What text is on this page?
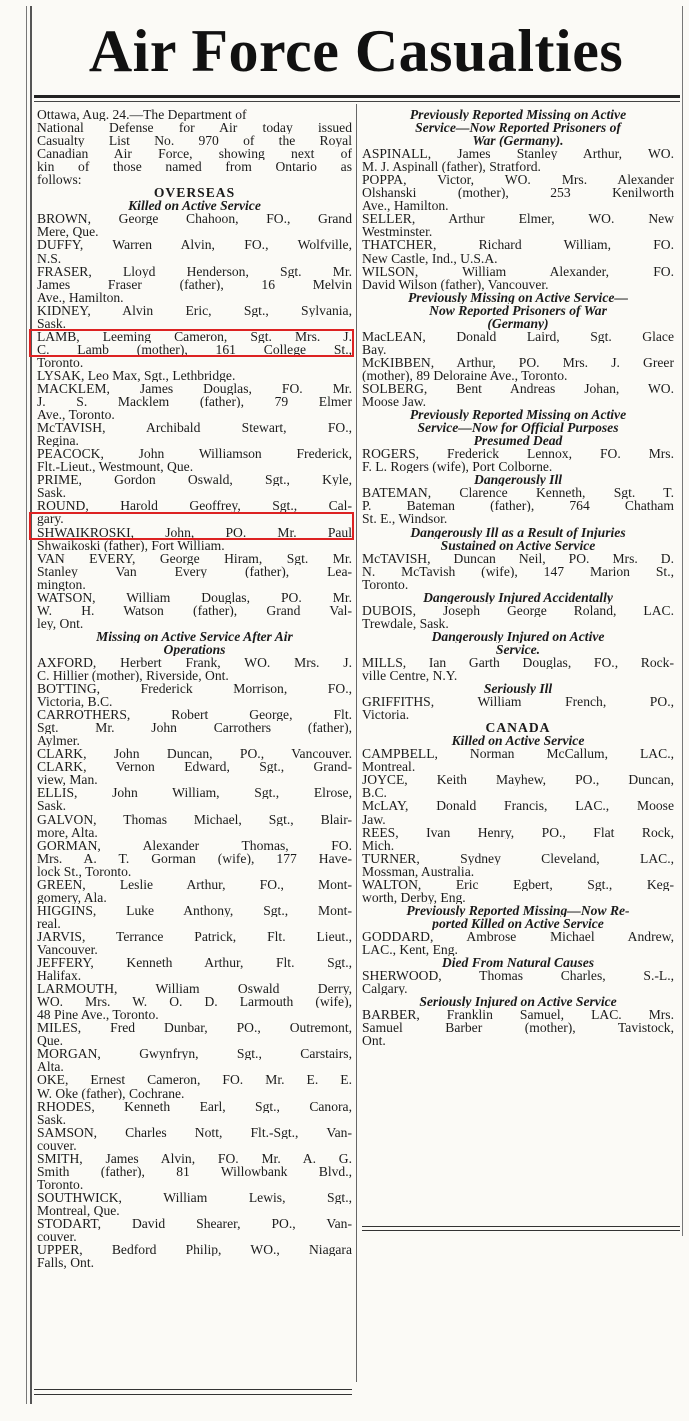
Air Force Casualties
Ottawa, Aug. 24.—The Department of
National Defense for Air today issued
Casualty List No. 970 of the Royal
Canadian Air Force, showing next of
kin of those named from Ontario as
follows:
OVERSEAS
Killed on Active Service
BROWN, George Chahoon, FO., Grand
Mere, Que.
DUFFY, Warren Alvin, FO., Wolfville,
N.S.
FRASER, Lloyd Henderson, Sgt. Mr.
James Fraser (father), 16 Melvin
Ave., Hamilton.
KIDNEY, Alvin Eric, Sgt., Sylvania,
Sask.
LAMB, Leeming Cameron, Sgt. Mrs. J.
C. Lamb (mother), 161 College St.,
Toronto.
LYSAK, Leo Max, Sgt., Lethbridge.
MACKLEM, James Douglas, FO. Mr.
J. S. Macklem (father), 79 Elmer
Ave., Toronto.
McTAVISH, Archibald Stewart, FO.,
Regina.
PEACOCK, John Williamson Frederick,
Flt.-Lieut., Westmount, Que.
PRIME, Gordon Oswald, Sgt., Kyle,
Sask.
ROUND, Harold Geoffrey, Sgt., Cal-
gary.
SHWAIKROSKI, John, PO. Mr. Paul
Shwaikoski (father), Fort William.
VAN EVERY, George Hiram, Sgt. Mr.
Stanley Van Every (father), Lea-
mington.
WATSON, William Douglas, PO. Mr.
W. H. Watson (father), Grand Val-
ley, Ont.
Missing on Active Service After Air
Operations
AXFORD, Herbert Frank, WO. Mrs. J.
C. Hillier (mother), Riverside, Ont.
BOTTING, Frederick Morrison, FO.,
Victoria, B.C.
CARROTHERS, Robert George, Flt.
Sgt. Mr. John Carrothers (father),
Aylmer.
CLARK, John Duncan, PO., Vancouver.
CLARK, Vernon Edward, Sgt., Grand-
view, Man.
ELLIS, John William, Sgt., Elrose,
Sask.
GALVON, Thomas Michael, Sgt., Blair-
more, Alta.
GORMAN, Alexander Thomas, FO.
Mrs. A. T. Gorman (wife), 177 Have-
lock St., Toronto.
GREEN, Leslie Arthur, FO., Mont-
gomery, Ala.
HIGGINS, Luke Anthony, Sgt., Mont-
real.
JARVIS, Terrance Patrick, Flt. Lieut.,
Vancouver.
JEFFERY, Kenneth Arthur, Flt. Sgt.,
Halifax.
LARMOUTH, William Oswald Derry,
WO. Mrs. W. O. D. Larmouth (wife),
48 Pine Ave., Toronto.
MILES, Fred Dunbar, PO., Outremont,
Que.
MORGAN, Gwynfryn, Sgt., Carstairs,
Alta.
OKE, Ernest Cameron, FO. Mr. E. E.
W. Oke (father), Cochrane.
RHODES, Kenneth Earl, Sgt., Canora,
Sask.
SAMSON, Charles Nott, Flt.-Sgt., Van-
couver.
SMITH, James Alvin, FO. Mr. A. G.
Smith (father), 81 Willowbank Blvd.,
Toronto.
SOUTHWICK, William Lewis, Sgt.,
Montreal, Que.
STODART, David Shearer, PO., Van-
couver.
UPPER, Bedford Philip, WO., Niagara
Falls, Ont.
Previously Reported Missing on Active
Service—Now Reported Prisoners of
War (Germany).
ASPINALL, James Stanley Arthur, WO.
M. J. Aspinall (father), Stratford.
POPPA, Victor, WO. Mrs. Alexander
Olshanski (mother), 253 Kenilworth
Ave., Hamilton.
SELLER, Arthur Elmer, WO. New
Westminster.
THATCHER, Richard William, FO.
New Castle, Ind., U.S.A.
WILSON, William Alexander, FO.
David Wilson (father), Vancouver.
Previously Missing on Active Service—
Now Reported Prisoners of War
(Germany)
MacLEAN, Donald Laird, Sgt. Glace
Bay.
McKIBBEN, Arthur, PO. Mrs. J. Greer
(mother), 89 Deloraine Ave., Toronto.
SOLBERG, Bent Andreas Johan, WO.
Moose Jaw.
Previously Reported Missing on Active
Service—Now for Official Purposes
Presumed Dead
ROGERS, Frederick Lennox, FO. Mrs.
F. L. Rogers (wife), Port Colborne.
Dangerously Ill
BATEMAN, Clarence Kenneth, Sgt. T.
P. Bateman (father), 764 Chatham
St. E., Windsor.
Dangerously Ill as a Result of Injuries
Sustained on Active Service
McTAVISH, Duncan Neil, PO. Mrs. D.
N. McTavish (wife), 147 Marion St.,
Toronto.
Dangerously Injured Accidentally
DUBOIS, Joseph George Roland, LAC.
Trewdale, Sask.
Dangerously Injured on Active
Service.
MILLS, Ian Garth Douglas, FO., Rock-
ville Centre, N.Y.
Seriously Ill
GRIFFITHS, William French, PO.,
Victoria.
CANADA
Killed on Active Service
CAMPBELL, Norman McCallum, LAC.,
Montreal.
JOYCE, Keith Mayhew, PO., Duncan,
B.C.
McLAY, Donald Francis, LAC., Moose
Jaw.
REES, Ivan Henry, PO., Flat Rock,
Mich.
TURNER, Sydney Cleveland, LAC.,
Mossman, Australia.
WALTON, Eric Egbert, Sgt., Keg-
worth, Derby, Eng.
Previously Reported Missing—Now Re-
ported Killed on Active Service
GODDARD, Ambrose Michael Andrew,
LAC., Kent, Eng.
Died From Natural Causes
SHERWOOD, Thomas Charles, S.-L.,
Calgary.
Seriously Injured on Active Service
BARBER, Franklin Samuel, LAC. Mrs.
Samuel Barber (mother), Tavistock,
Ont.
